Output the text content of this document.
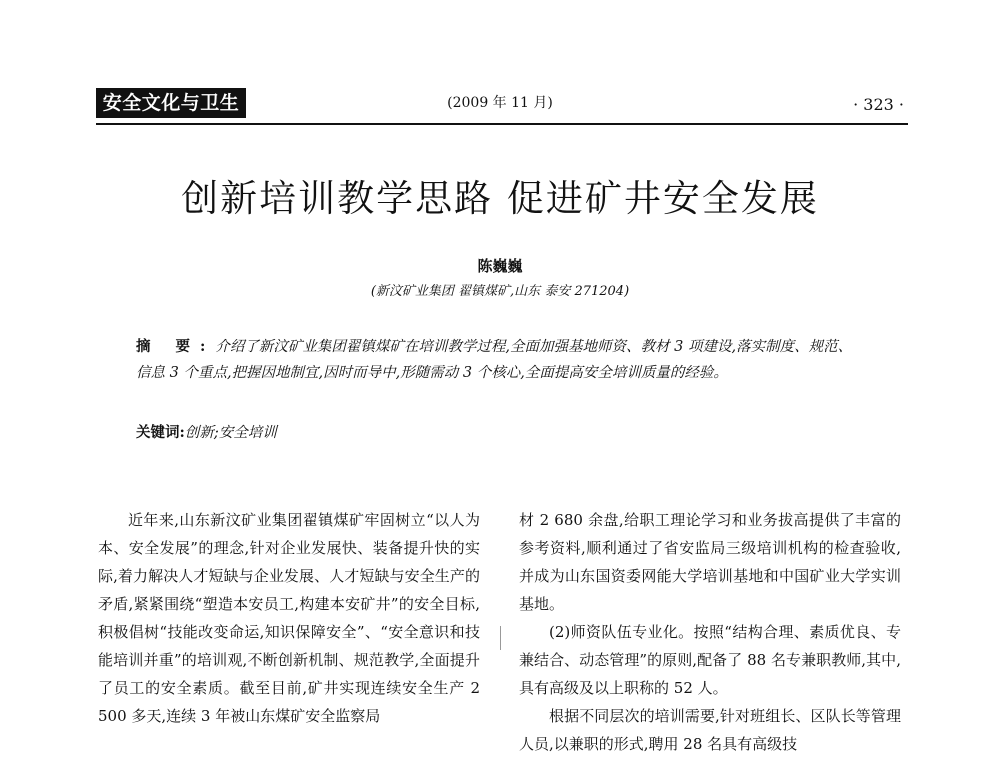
安全文化与卫生	(2009 年 11 月)	· 323 ·
创新培训教学思路 促进矿井安全发展
陈巍巍
(新汶矿业集团 翟镇煤矿,山东 泰安 271204)
摘 要:介绍了新汶矿业集团翟镇煤矿在培训教学过程,全面加强基地师资、教材 3 项建设,落实制度、规范、信息 3 个重点,把握因地制宜,因时而导中,形随需动 3 个核心,全面提高安全培训质量的经验。
关键词:创新;安全培训

近年来,山东新汶矿业集团翟镇煤矿牢固树立“以人为本、安全发展”的理念,针对企业发展快、装备提升快的实际,着力解决人才短缺与企业发展、人才短缺与安全生产的矛盾,紧紧围绕“塑造本安员工,构建本安矿井”的安全目标,积极倡树“技能改变命运,知识保障安全”、“安全意识和技能培训并重”的培训观,不断创新机制、规范教学,全面提升了员工的安全素质。截至目前,矿井实现连续安全生产 2 500 多天,连续 3 年被山东煤矿安全监察局

材 2 680 余盘,给职工理论学习和业务拔高提供了丰富的参考资料,顺利通过了省安监局三级培训机构的检查验收,并成为山东国资委网能大学培训基地和中国矿业大学实训基地。

(2)师资队伍专业化。按照“结构合理、素质优良、专兼结合、动态管理”的原则,配备了 88 名专兼职教师,其中,具有高级及以上职称的 52 人。

根据不同层次的培训需要,针对班组长、区队长等管理人员,以兼职的形式,聘用 28 名具有高级技
